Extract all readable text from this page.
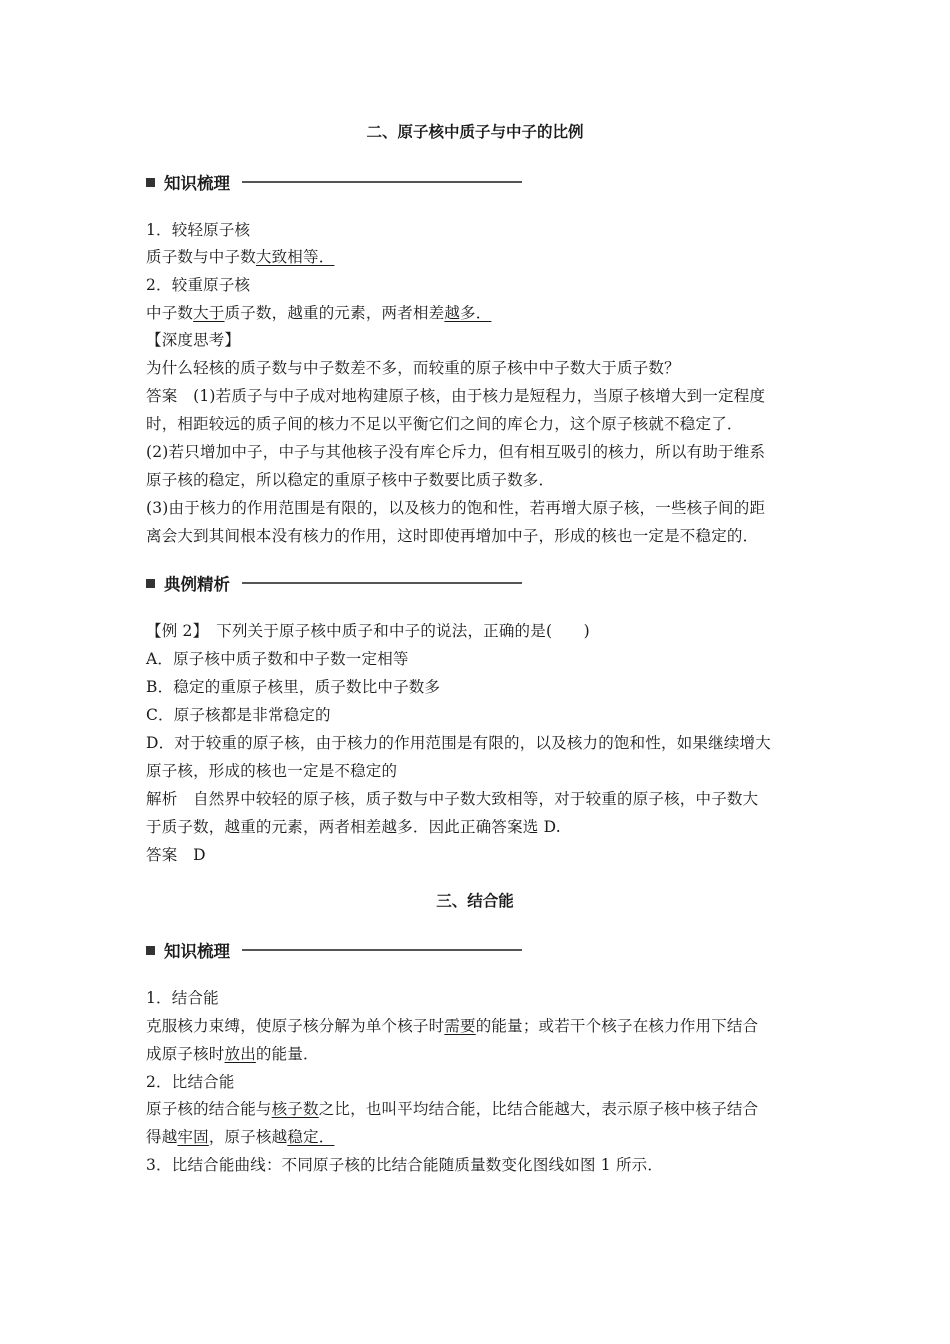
二、原子核中质子与中子的比例
知识梳理
1．较轻原子核
质子数与中子数大致相等．
2．较重原子核
中子数大于质子数，越重的元素，两者相差越多．
【深度思考】
为什么轻核的质子数与中子数差不多，而较重的原子核中中子数大于质子数？
答案　(1)若质子与中子成对地构建原子核，由于核力是短程力，当原子核增大到一定程度
时，相距较远的质子间的核力不足以平衡它们之间的库仑力，这个原子核就不稳定了．
(2)若只增加中子，中子与其他核子没有库仑斥力，但有相互吸引的核力，所以有助于维系
原子核的稳定，所以稳定的重原子核中子数要比质子数多．
(3)由于核力的作用范围是有限的，以及核力的饱和性，若再增大原子核，一些核子间的距
离会大到其间根本没有核力的作用，这时即使再增加中子，形成的核也一定是不稳定的．
典例精析
【例 2】　下列关于原子核中质子和中子的说法，正确的是(　　)
A．原子核中质子数和中子数一定相等
B．稳定的重原子核里，质子数比中子数多
C．原子核都是非常稳定的
D．对于较重的原子核，由于核力的作用范围是有限的，以及核力的饱和性，如果继续增大
原子核，形成的核也一定是不稳定的
解析　自然界中较轻的原子核，质子数与中子数大致相等，对于较重的原子核，中子数大
于质子数，越重的元素，两者相差越多．因此正确答案选 D.
答案　D
三、结合能
知识梳理
1．结合能
克服核力束缚，使原子核分解为单个核子时需要的能量；或若干个核子在核力作用下结合
成原子核时放出的能量．
2．比结合能
原子核的结合能与核子数之比，也叫平均结合能，比结合能越大，表示原子核中核子结合
得越牢固，原子核越稳定．
3．比结合能曲线：不同原子核的比结合能随质量数变化图线如图 1 所示．
